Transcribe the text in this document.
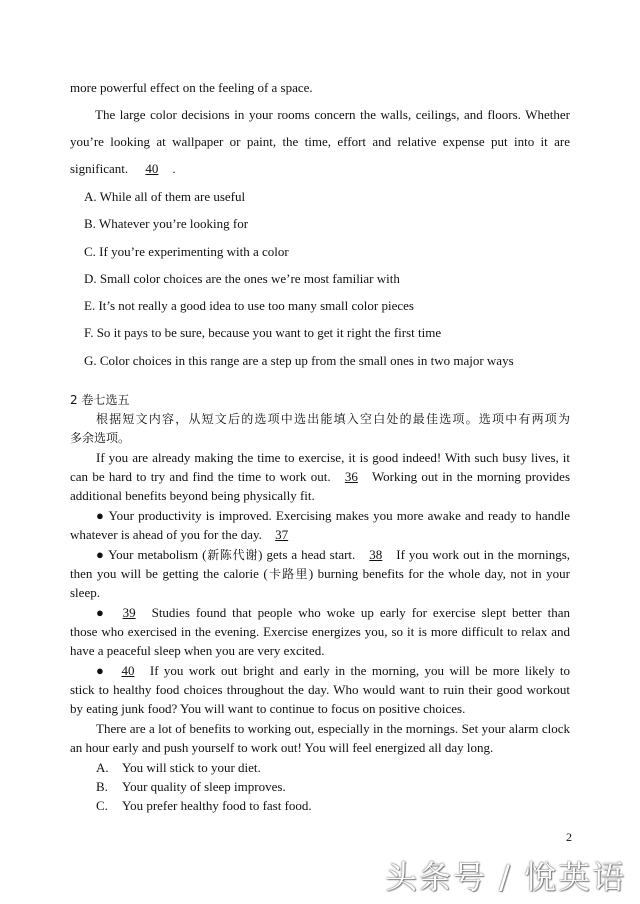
more powerful effect on the feeling of a space.
The large color decisions in your rooms concern the walls, ceilings, and floors. Whether
you’re looking at wallpaper or paint, the time, effort and relative expense put into it are
significant. 40 .
A. While all of them are useful
B. Whatever you’re looking for
C. If you’re experimenting with a color
D. Small color choices are the ones we’re most familiar with
E. It’s not really a good idea to use too many small color pieces
F. So it pays to be sure, because you want to get it right the first time
G. Color choices in this range are a step up from the small ones in two major ways
2 卷七选五
根据短文内容，从短文后的选项中选出能填入空白处的最佳选项。选项中有两项为
多余选项。
If you are already making the time to exercise, it is good indeed! With such busy lives, it
can be hard to try and find the time to work out. 36 Working out in the morning provides
additional benefits beyond being physically fit.
● Your productivity is improved. Exercising makes you more awake and ready to handle
whatever is ahead of you for the day. 37
● Your metabolism (新陈代谢) gets a head start. 38 If you work out in the mornings,
then you will be getting the calorie (卡路里) burning benefits for the whole day, not in your
sleep.
● 39 Studies found that people who woke up early for exercise slept better than
those who exercised in the evening. Exercise energizes you, so it is more difficult to relax and
have a peaceful sleep when you are very excited.
● 40 If you work out bright and early in the morning, you will be more likely to
stick to healthy food choices throughout the day. Who would want to ruin their good workout
by eating junk food? You will want to continue to focus on positive choices.
There are a lot of benefits to working out, especially in the mornings. Set your alarm clock
an hour early and push yourself to work out! You will feel energized all day long.
A. You will stick to your diet.
B. Your quality of sleep improves.
C. You prefer healthy food to fast food.
2
头条号 / 悅英语
